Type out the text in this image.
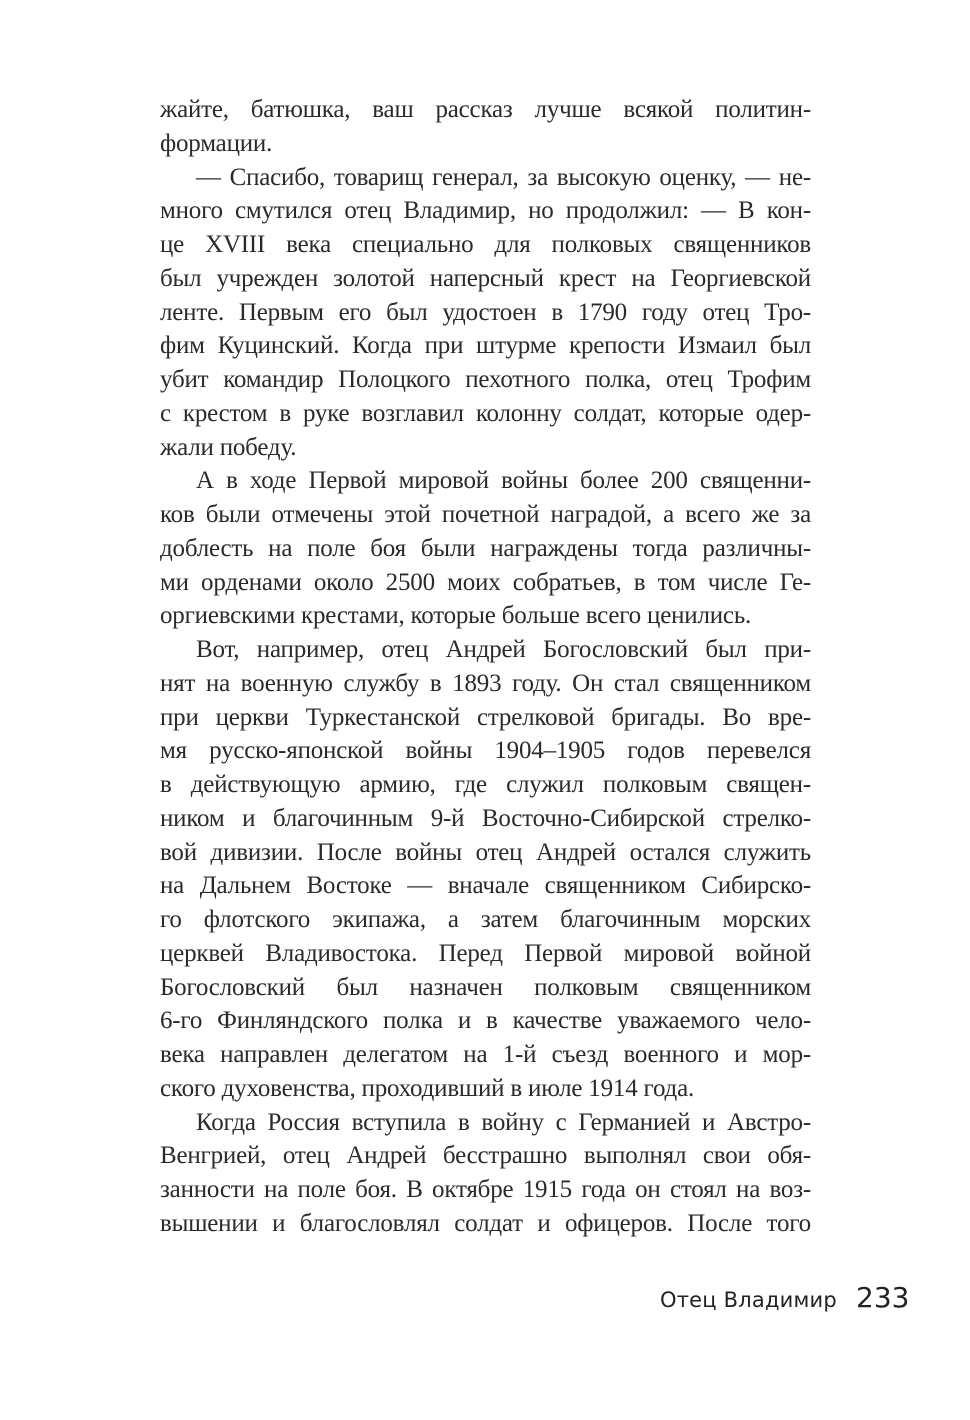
жайте, батюшка, ваш рассказ лучше всякой политин-
формации.
— Спасибо, товарищ генерал, за высокую оценку, — не-
много смутился отец Владимир, но продолжил: — В кон-
це XVIII века специально для полковых священников
был учрежден золотой наперсный крест на Георгиевской
ленте. Первым его был удостоен в 1790 году отец Тро-
фим Куцинский. Когда при штурме крепости Измаил был
убит командир Полоцкого пехотного полка, отец Трофим
с крестом в руке возглавил колонну солдат, которые одер-
жали победу.
А в ходе Первой мировой войны более 200 священни-
ков были отмечены этой почетной наградой, а всего же за
доблесть на поле боя были награждены тогда различны-
ми орденами около 2500 моих собратьев, в том числе Ге-
оргиевскими крестами, которые больше всего ценились.
Вот, например, отец Андрей Богословский был при-
нят на военную службу в 1893 году. Он стал священником
при церкви Туркестанской стрелковой бригады. Во вре-
мя русско-японской войны 1904–1905 годов перевелся
в действующую армию, где служил полковым священ-
ником и благочинным 9-й Восточно-Сибирской стрелко-
вой дивизии. После войны отец Андрей остался служить
на Дальнем Востоке — вначале священником Сибирско-
го флотского экипажа, а затем благочинным морских
церквей Владивостока. Перед Первой мировой войной
Богословский был назначен полковым священником
6-го Финляндского полка и в качестве уважаемого чело-
века направлен делегатом на 1-й съезд военного и мор-
ского духовенства, проходивший в июле 1914 года.
Когда Россия вступила в войну с Германией и Австро-
Венгрией, отец Андрей бесстрашно выполнял свои обя-
занности на поле боя. В октябре 1915 года он стоял на воз-
вышении и благословлял солдат и офицеров. После того
Отец Владимир 233
